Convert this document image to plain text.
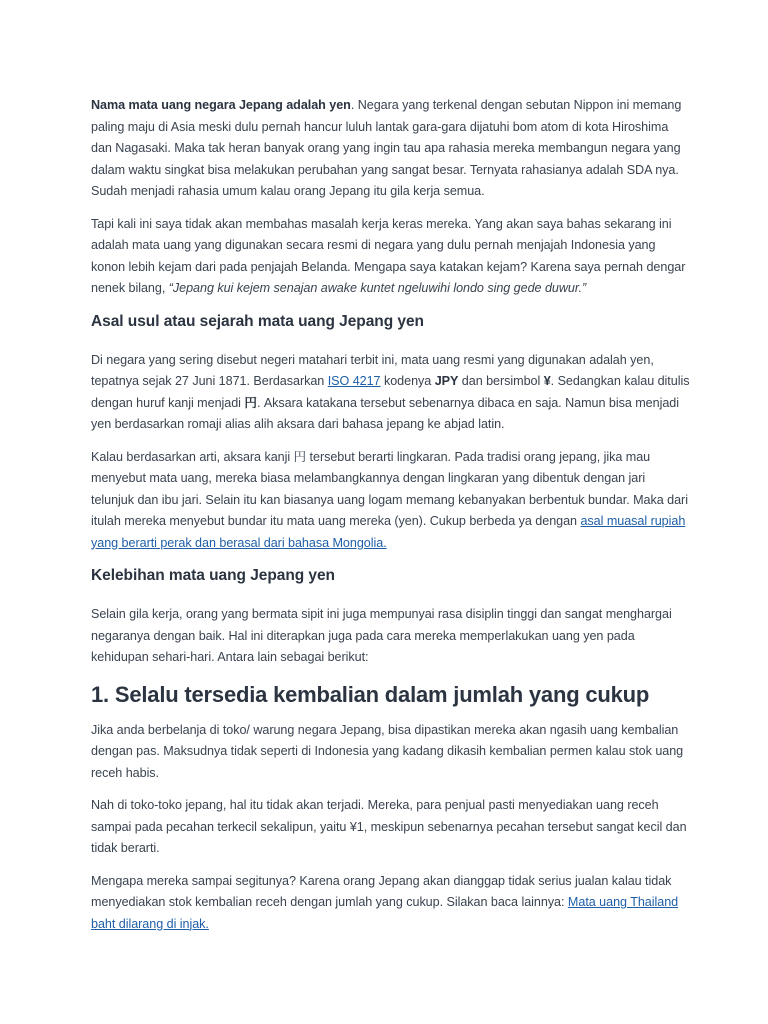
Nama mata uang negara Jepang adalah yen. Negara yang terkenal dengan sebutan Nippon ini memang paling maju di Asia meski dulu pernah hancur luluh lantak gara-gara dijatuhi bom atom di kota Hiroshima dan Nagasaki. Maka tak heran banyak orang yang ingin tau apa rahasia mereka membangun negara yang dalam waktu singkat bisa melakukan perubahan yang sangat besar. Ternyata rahasianya adalah SDA nya. Sudah menjadi rahasia umum kalau orang Jepang itu gila kerja semua.

Tapi kali ini saya tidak akan membahas masalah kerja keras mereka. Yang akan saya bahas sekarang ini adalah mata uang yang digunakan secara resmi di negara yang dulu pernah menjajah Indonesia yang konon lebih kejam dari pada penjajah Belanda. Mengapa saya katakan kejam? Karena saya pernah dengar nenek bilang, “Jepang kui kejem senajan awake kuntet ngeluwihi londo sing gede duwur.”

Asal usul atau sejarah mata uang Jepang yen

Di negara yang sering disebut negeri matahari terbit ini, mata uang resmi yang digunakan adalah yen, tepatnya sejak 27 Juni 1871. Berdasarkan ISO 4217 kodenya JPY dan bersimbol ¥. Sedangkan kalau ditulis dengan huruf kanji menjadi 円. Aksara katakana tersebut sebenarnya dibaca en saja. Namun bisa menjadi yen berdasarkan romaji alias alih aksara dari bahasa jepang ke abjad latin.

Kalau berdasarkan arti, aksara kanji 円 tersebut berarti lingkaran. Pada tradisi orang jepang, jika mau menyebut mata uang, mereka biasa melambangkannya dengan lingkaran yang dibentuk dengan jari telunjuk dan ibu jari. Selain itu kan biasanya uang logam memang kebanyakan berbentuk bundar. Maka dari itulah mereka menyebut bundar itu mata uang mereka (yen). Cukup berbeda ya dengan asal muasal rupiah yang berarti perak dan berasal dari bahasa Mongolia.

Kelebihan mata uang Jepang yen

Selain gila kerja, orang yang bermata sipit ini juga mempunyai rasa disiplin tinggi dan sangat menghargai negaranya dengan baik. Hal ini diterapkan juga pada cara mereka memperlakukan uang yen pada kehidupan sehari-hari. Antara lain sebagai berikut:

1. Selalu tersedia kembalian dalam jumlah yang cukup

Jika anda berbelanja di toko/ warung negara Jepang, bisa dipastikan mereka akan ngasih uang kembalian dengan pas. Maksudnya tidak seperti di Indonesia yang kadang dikasih kembalian permen kalau stok uang receh habis.

Nah di toko-toko jepang, hal itu tidak akan terjadi. Mereka, para penjual pasti menyediakan uang receh sampai pada pecahan terkecil sekalipun, yaitu ¥1, meskipun sebenarnya pecahan tersebut sangat kecil dan tidak berarti.

Mengapa mereka sampai segitunya? Karena orang Jepang akan dianggap tidak serius jualan kalau tidak menyediakan stok kembalian receh dengan jumlah yang cukup. Silakan baca lainnya: Mata uang Thailand baht dilarang di injak.
